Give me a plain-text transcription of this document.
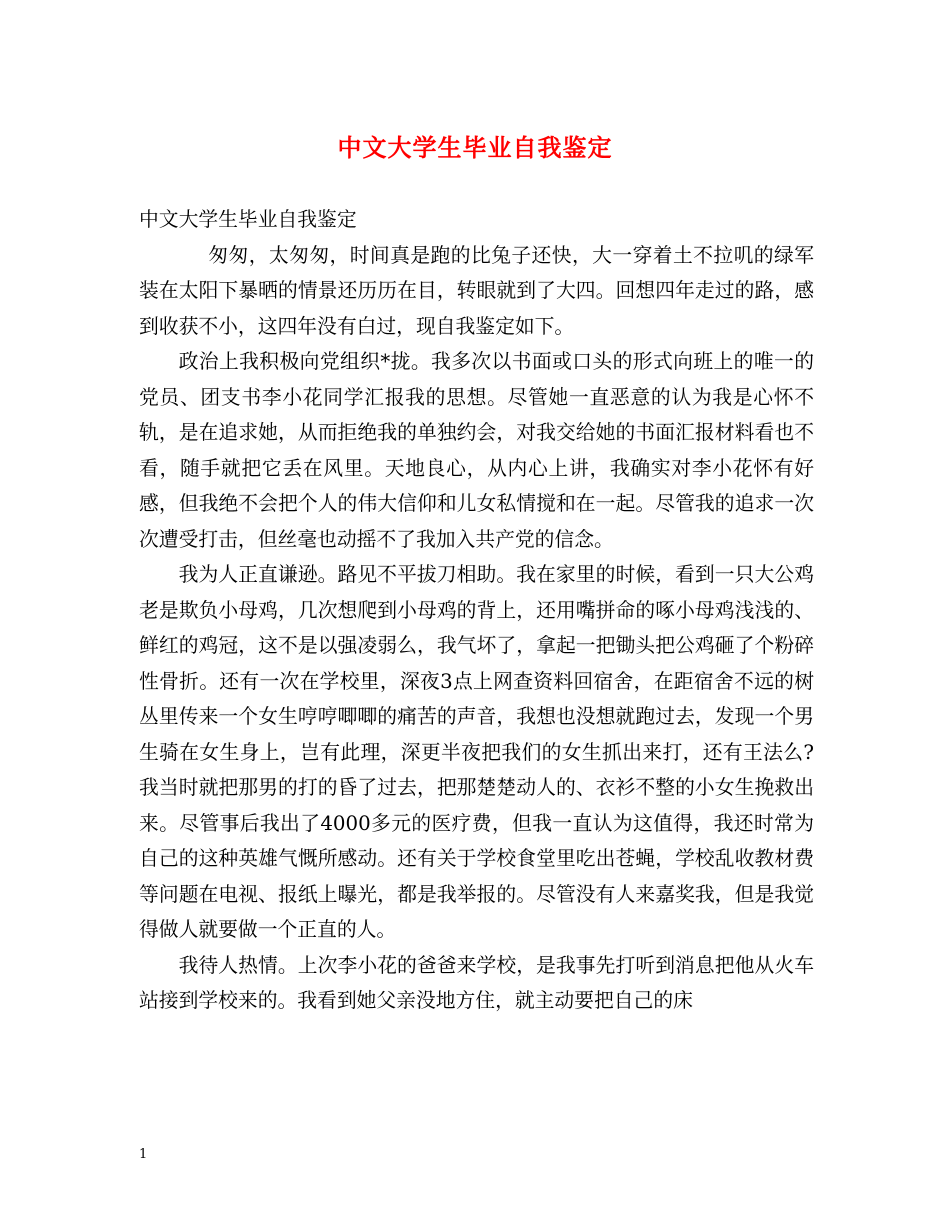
中文大学生毕业自我鉴定

中文大学生毕业自我鉴定

匆匆，太匆匆，时间真是跑的比兔子还快，大一穿着土不拉叽的绿军装在太阳下暴晒的情景还历历在目，转眼就到了大四。回想四年走过的路，感到收获不小，这四年没有白过，现自我鉴定如下。

政治上我积极向党组织*拢。我多次以书面或口头的形式向班上的唯一的党员、团支书李小花同学汇报我的思想。尽管她一直恶意的认为我是心怀不轨，是在追求她，从而拒绝我的单独约会，对我交给她的书面汇报材料看也不看，随手就把它丢在风里。天地良心，从内心上讲，我确实对李小花怀有好感，但我绝不会把个人的伟大信仰和儿女私情搅和在一起。尽管我的追求一次次遭受打击，但丝毫也动摇不了我加入共产党的信念。

我为人正直谦逊。路见不平拔刀相助。我在家里的时候，看到一只大公鸡老是欺负小母鸡，几次想爬到小母鸡的背上，还用嘴拼命的啄小母鸡浅浅的、鲜红的鸡冠，这不是以强凌弱么，我气坏了，拿起一把锄头把公鸡砸了个粉碎性骨折。还有一次在学校里，深夜3点上网查资料回宿舍，在距宿舍不远的树丛里传来一个女生哼哼唧唧的痛苦的声音，我想也没想就跑过去，发现一个男生骑在女生身上，岂有此理，深更半夜把我们的女生抓出来打，还有王法么?我当时就把那男的打的昏了过去，把那楚楚动人的、衣衫不整的小女生挽救出来。尽管事后我出了4000多元的医疗费，但我一直认为这值得，我还时常为自己的这种英雄气慨所感动。还有关于学校食堂里吃出苍蝇，学校乱收教材费等问题在电视、报纸上曝光，都是我举报的。尽管没有人来嘉奖我，但是我觉得做人就要做一个正直的人。

我待人热情。上次李小花的爸爸来学校，是我事先打听到消息把他从火车站接到学校来的。我看到她父亲没地方住，就主动要把自己的床

1
